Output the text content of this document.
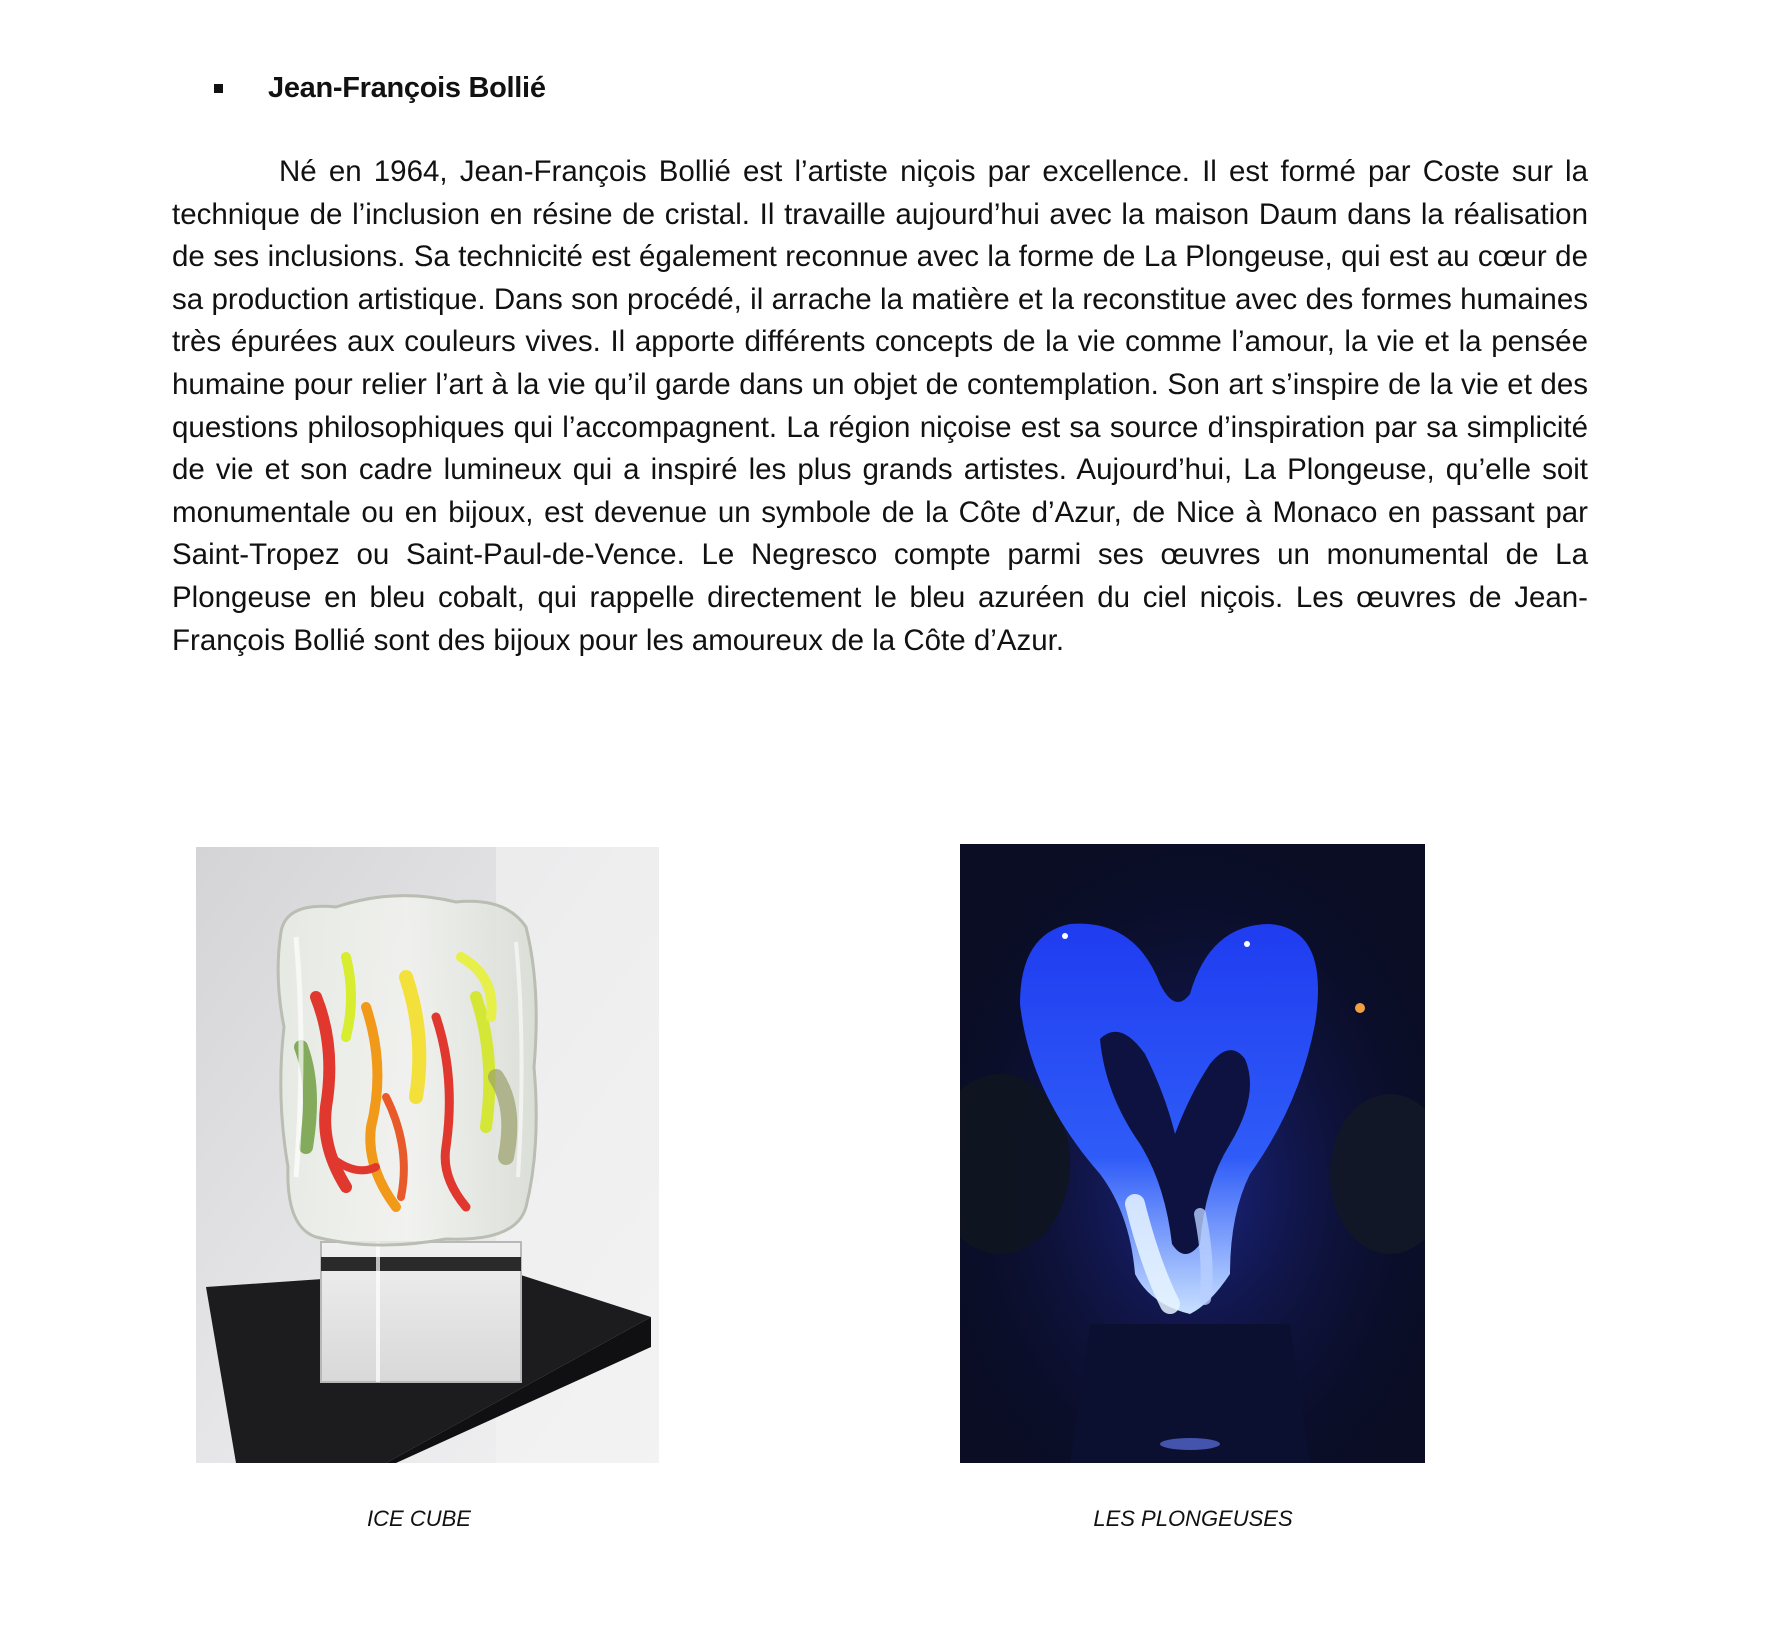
Jean-François Bollié

Né en 1964, Jean-François Bollié est l’artiste niçois par excellence. Il est formé par Coste sur la technique de l’inclusion en résine de cristal. Il travaille aujourd’hui avec la maison Daum dans la réalisation de ses inclusions. Sa technicité est également reconnue avec la forme de La Plongeuse, qui est au cœur de sa production artistique. Dans son procédé, il arrache la matière et la reconstitue avec des formes humaines très épurées aux couleurs vives. Il apporte différents concepts de la vie comme l’amour, la vie et la pensée humaine pour relier l’art à la vie qu’il garde dans un objet de contemplation. Son art s’inspire de la vie et des questions philosophiques qui l’accompagnent. La région niçoise est sa source d’inspiration par sa simplicité de vie et son cadre lumineux qui a inspiré les plus grands artistes. Aujourd’hui, La Plongeuse, qu’elle soit monumentale ou en bijoux, est devenue un symbole de la Côte d’Azur, de Nice à Monaco en passant par Saint-Tropez ou Saint-Paul-de-Vence. Le Negresco compte parmi ses œuvres un monumental de La Plongeuse en bleu cobalt, qui rappelle directement le bleu azuréen du ciel niçois. Les œuvres de Jean-François Bollié sont des bijoux pour les amoureux de la Côte d’Azur.

ICE CUBE	LES PLONGEUSES
